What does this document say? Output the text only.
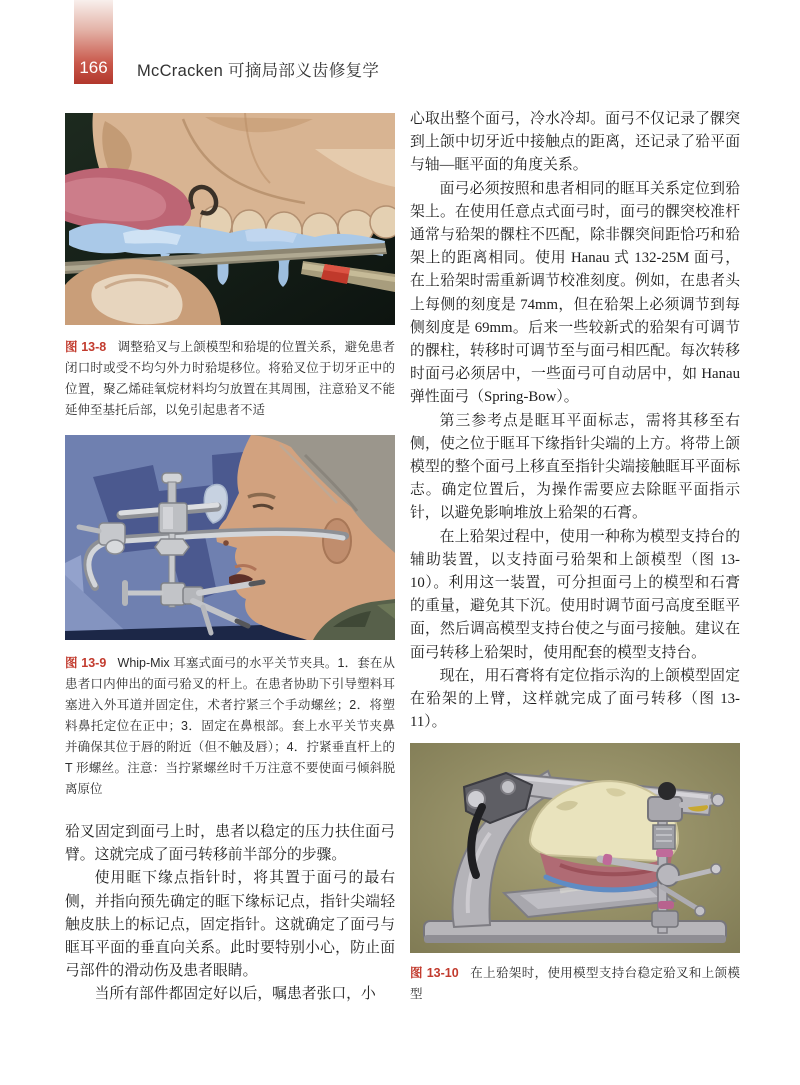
166	McCracken 可摘局部义齿修复学
图 13-8 调整𬌗叉与上颌模型和𬌗堤的位置关系，避免患者闭口时或受不均匀外力时𬌗堤移位。将𬌗叉位于切牙正中的位置，聚乙烯硅氧烷材料均匀放置在其周围，注意𬌗叉不能延伸至基托后部，以免引起患者不适
图 13-9 Whip-Mix 耳塞式面弓的水平关节夹具。1．套在从患者口内伸出的面弓𬌗叉的杆上。在患者协助下引导塑料耳塞进入外耳道并固定住，术者拧紧三个手动螺丝；2．将塑料鼻托定位在正中；3．固定在鼻根部。套上水平关节夹鼻并确保其位于唇的附近（但不触及唇）；4．拧紧垂直杆上的 T 形螺丝。注意：当拧紧螺丝时千万注意不要使面弓倾斜脱离原位

𬌗叉固定到面弓上时，患者以稳定的压力扶住面弓臂。这就完成了面弓转移前半部分的步骤。

使用眶下缘点指针时，将其置于面弓的最右侧，并指向预先确定的眶下缘标记点，指针尖端轻触皮肤上的标记点，固定指针。这就确定了面弓与眶耳平面的垂直向关系。此时要特别小心，防止面弓部件的滑动伤及患者眼睛。

当所有部件都固定好以后，嘱患者张口，小

心取出整个面弓，冷水冷却。面弓不仅记录了髁突到上颌中切牙近中接触点的距离，还记录了𬌗平面与轴—眶平面的角度关系。

面弓必须按照和患者相同的眶耳关系定位到𬌗架上。在使用任意点式面弓时，面弓的髁突校准杆通常与𬌗架的髁柱不匹配，除非髁突间距恰巧和𬌗架上的距离相同。使用 Hanau 式 132-25M 面弓，在上𬌗架时需重新调节校准刻度。例如，在患者头上每侧的刻度是 74mm，但在𬌗架上必须调节到每侧刻度是 69mm。后来一些较新式的𬌗架有可调节的髁柱，转移时可调节至与面弓相匹配。每次转移时面弓必须居中，一些面弓可自动居中，如 Hanau 弹性面弓（Spring-Bow）。

第三参考点是眶耳平面标志，需将其移至右侧，使之位于眶耳下缘指针尖端的上方。将带上颌模型的整个面弓上移直至指针尖端接触眶耳平面标志。确定位置后，为操作需要应去除眶平面指示针，以避免影响堆放上𬌗架的石膏。

在上𬌗架过程中，使用一种称为模型支持台的辅助装置，以支持面弓𬌗架和上颌模型（图 13-10）。利用这一装置，可分担面弓上的模型和石膏的重量，避免其下沉。使用时调节面弓高度至眶平面，然后调高模型支持台使之与面弓接触。建议在面弓转移上𬌗架时，使用配套的模型支持台。

现在，用石膏将有定位指示沟的上颌模型固定在𬌗架的上臂，这样就完成了面弓转移（图 13-11）。

图 13-10 在上𬌗架时，使用模型支持台稳定𬌗叉和上颌模型
